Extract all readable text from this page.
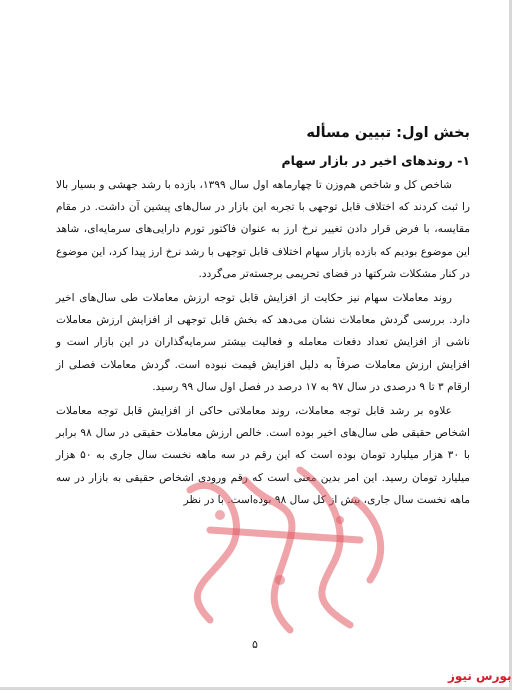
بخش اول: تبیین مسأله
۱- روندهای اخیر در بازار سهام

شاخص کل و شاخص هم‌وزن تا چهارماهه اول سال ۱۳۹۹، بازده با رشد جهشی و بسیار بالا را ثبت کردند که اختلاف قابل توجهی با تجربه این بازار در سال‌های پیشین آن داشت. در مقام مقایسه، با فرض قرار دادن تغییر نرخ ارز به عنوان فاکتور تورم دارایی‌های سرمایه‌ای، شاهد این موضوع بودیم که بازده بازار سهام اختلاف قابل توجهی با رشد نرخ ارز پیدا کرد، این موضوع در کنار مشکلات شرکتها در فضای تحریمی برجسته‌تر می‌گردد.

روند معاملات سهام نیز حکایت از افزایش قابل توجه ارزش معاملات طی سال‌های اخیر دارد. بررسی گردش معاملات نشان می‌دهد که بخش قابل توجهی از افزایش ارزش معاملات ناشی از افزایش تعداد دفعات معامله و فعالیت بیشتر سرمایه‌گذاران در این بازار است و افزایش ارزش معاملات صرفاً به دلیل افزایش قیمت نبوده است. گردش معاملات فصلی از ارقام ۳ تا ۹ درصدی در سال ۹۷ به ۱۷ درصد در فصل اول سال ۹۹ رسید.

علاوه بر رشد قابل توجه معاملات، روند معاملاتی حاکی از افزایش قابل توجه معاملات اشخاص حقیقی طی سال‌های اخیر بوده است. خالص ارزش معاملات حقیقی در سال ۹۸ برابر با ۳۰ هزار میلیارد تومان بوده است که این رقم در سه ماهه نخست سال جاری به ۵۰ هزار میلیارد تومان رسید. این امر بدین معنی است که رقم ورودی اشخاص حقیقی به بازار در سه ماهه نخست سال جاری، بیش از کل سال ۹۸ بوده‌است. با در نظر

۵
بورس نیوز
